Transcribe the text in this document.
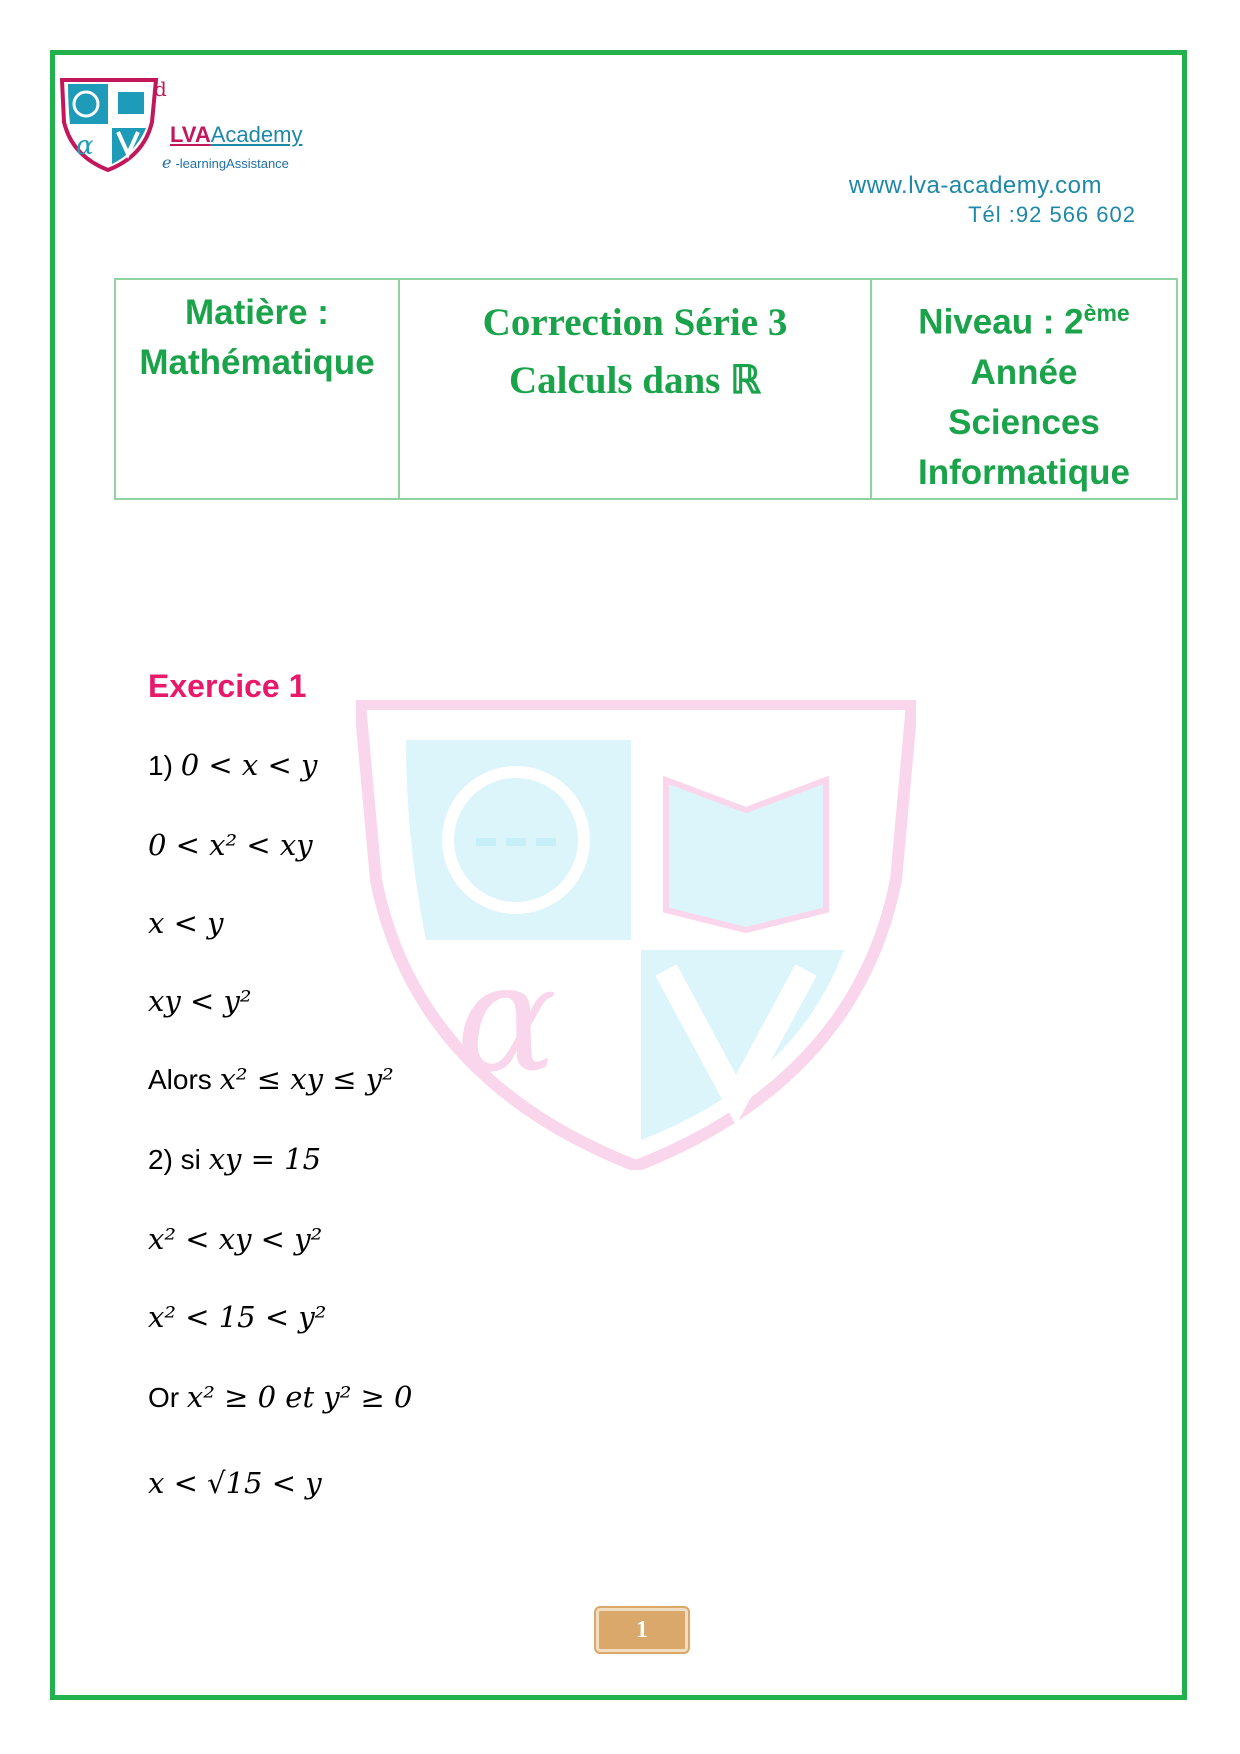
α
d
LVAAcademy
e -learningAssistance
www.lva-academy.com
Tél :92 566 602
Matière :
Mathématique

Correction Série 3
Calculs dans ℝ

Niveau : 2ème
Année
Sciences
Informatique
α
Exercice 1
1) 0 < x < y
0 < x² < xy
x < y
xy < y²
Alors x² ≤ xy ≤ y²
2) si xy = 15
x² < xy < y²
x² < 15 < y²
Or x² ≥ 0 et y² ≥ 0
x < √15 < y
1
